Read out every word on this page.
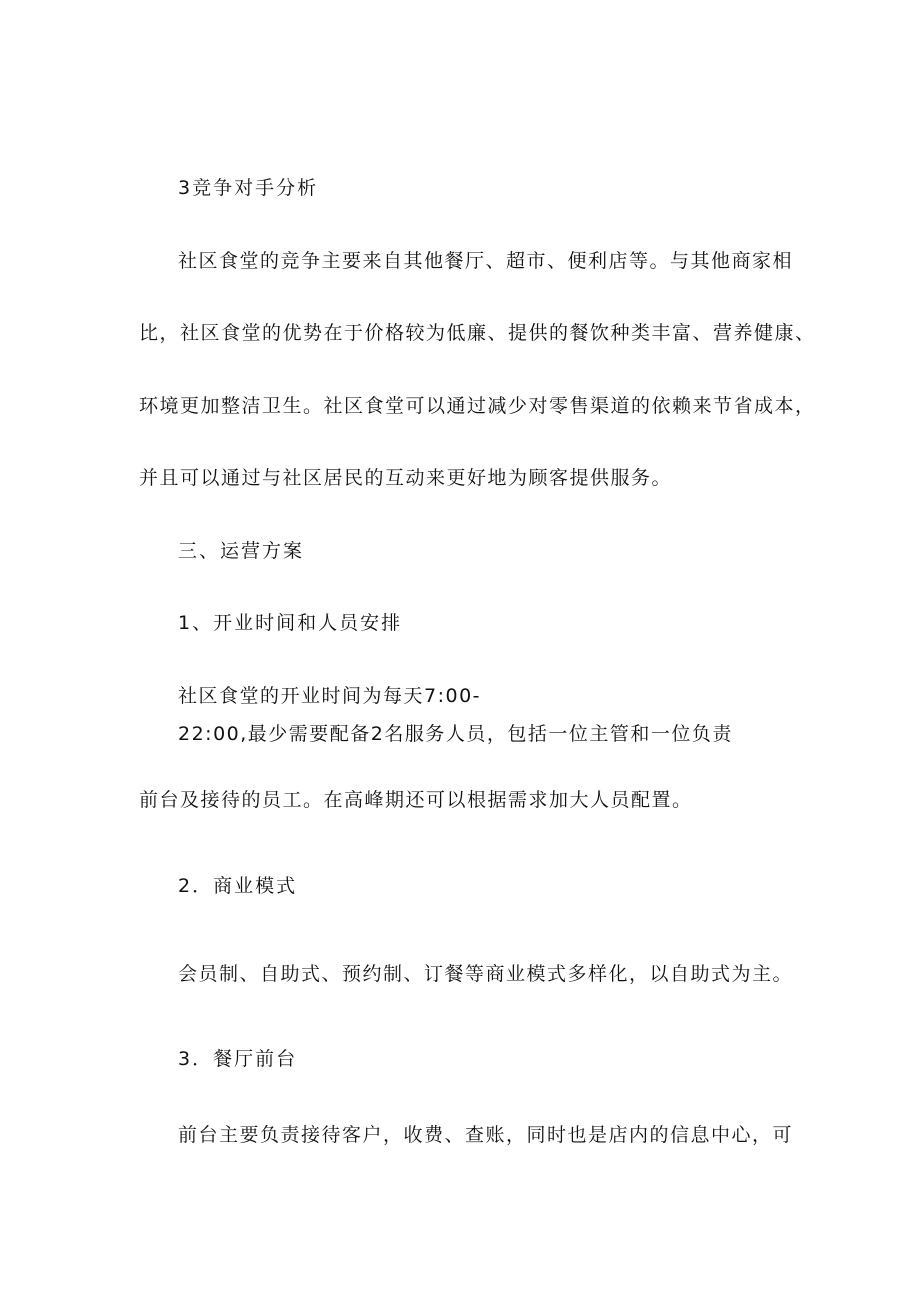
3竞争对手分析

社区食堂的竞争主要来自其他餐厅、超市、便利店等。与其他商家相

比，社区食堂的优势在于价格较为低廉、提供的餐饮种类丰富、营养健康、

环境更加整洁卫生。社区食堂可以通过减少对零售渠道的依赖来节省成本，

并且可以通过与社区居民的互动来更好地为顾客提供服务。

三、运营方案

1、开业时间和人员安排

社区食堂的开业时间为每天7:00-

22:00,最少需要配备2名服务人员，包括一位主管和一位负责

前台及接待的员工。在高峰期还可以根据需求加大人员配置。

2．商业模式

会员制、自助式、预约制、订餐等商业模式多样化，以自助式为主。

3．餐厅前台

前台主要负责接待客户，收费、查账，同时也是店内的信息中心，可
